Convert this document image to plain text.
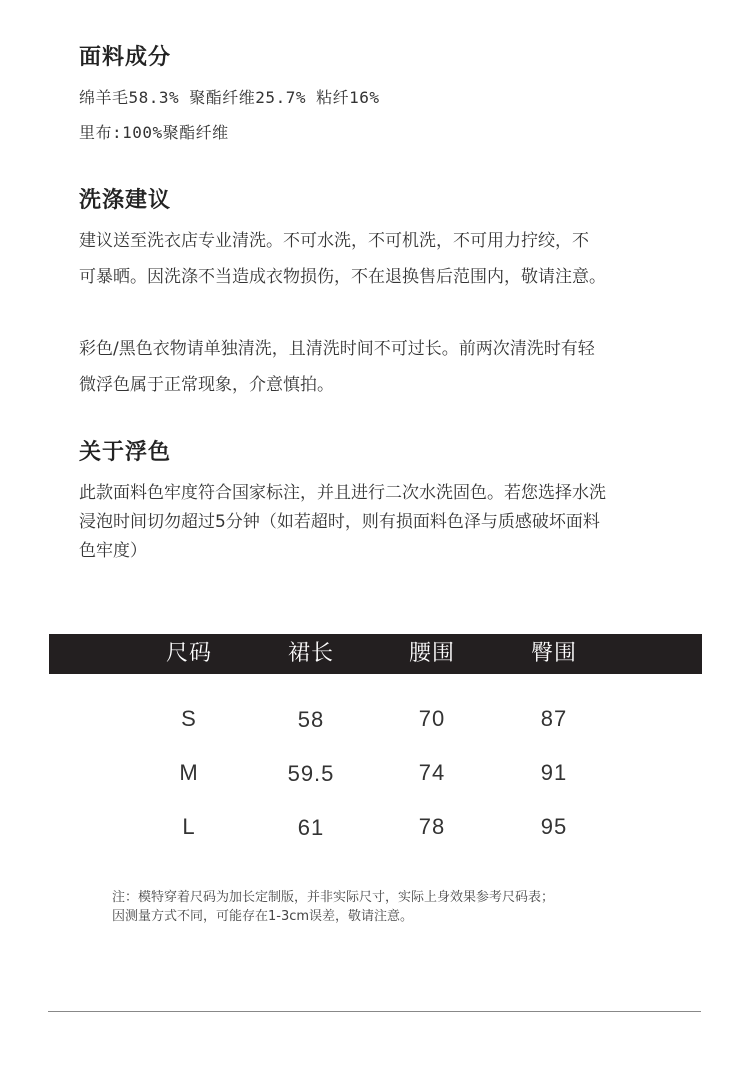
面料成分

绵羊毛58.3% 聚酯纤维25.7% 粘纤16%

里布:100%聚酯纤维

洗涤建议

建议送至洗衣店专业清洗。不可水洗，不可机洗，不可用力拧绞，不

可暴晒。因洗涤不当造成衣物损伤，不在退换售后范围内，敬请注意。

彩色/黑色衣物请单独清洗，且清洗时间不可过长。前两次清洗时有轻

微浮色属于正常现象，介意慎拍。

关于浮色

此款面料色牢度符合国家标注，并且进行二次水洗固色。若您选择水洗

浸泡时间切勿超过5分钟（如若超时，则有损面料色泽与质感破坏面料

色牢度）

尺码	裙长	腰围	臀围
S	58	70	87
M	59.5	74	91
L	61	78	95

注：模特穿着尺码为加长定制版，并非实际尺寸，实际上身效果参考尺码表；

因测量方式不同，可能存在1-3cm误差，敬请注意。
